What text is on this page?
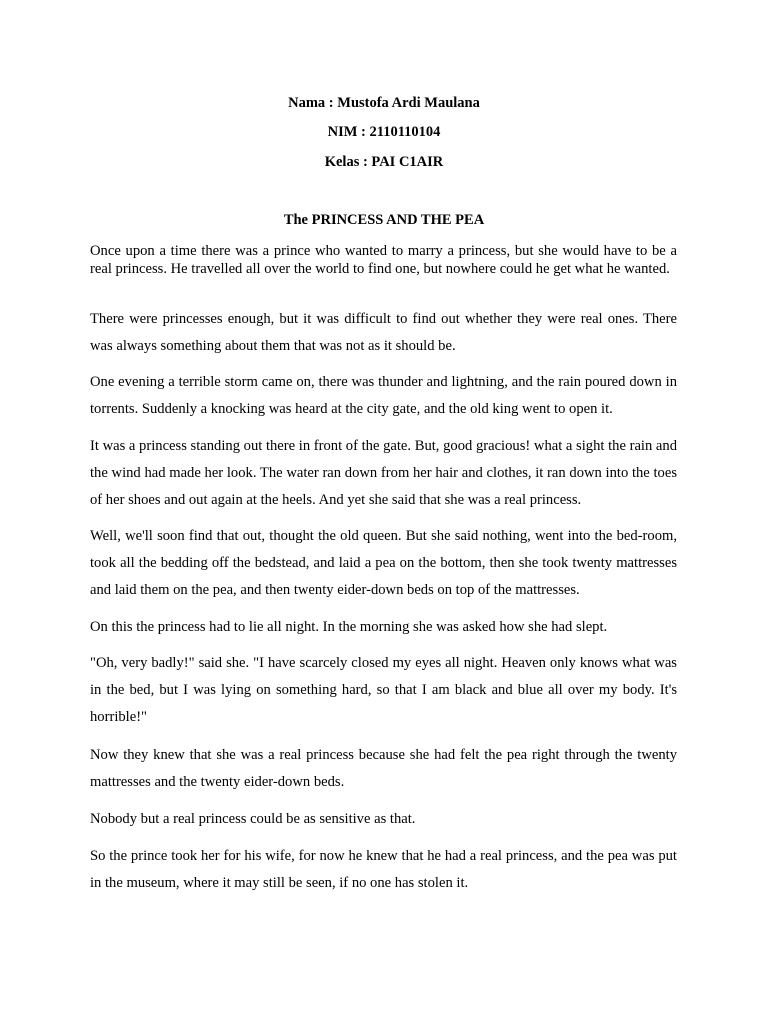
Nama : Mustofa Ardi Maulana
NIM : 2110110104
Kelas : PAI C1AIR
The PRINCESS AND THE PEA

Once upon a time there was a prince who wanted to marry a princess, but she would have to be a real princess. He travelled all over the world to find one, but nowhere could he get what he wanted.

There were princesses enough, but it was difficult to find out whether they were real ones. There was always something about them that was not as it should be.

One evening a terrible storm came on, there was thunder and lightning, and the rain poured down in torrents. Suddenly a knocking was heard at the city gate, and the old king went to open it.

It was a princess standing out there in front of the gate. But, good gracious! what a sight the rain and the wind had made her look. The water ran down from her hair and clothes, it ran down into the toes of her shoes and out again at the heels. And yet she said that she was a real princess.

Well, we'll soon find that out, thought the old queen. But she said nothing, went into the bed-room, took all the bedding off the bedstead, and laid a pea on the bottom, then she took twenty mattresses and laid them on the pea, and then twenty eider-down beds on top of the mattresses.

On this the princess had to lie all night. In the morning she was asked how she had slept.

"Oh, very badly!" said she. "I have scarcely closed my eyes all night. Heaven only knows what was in the bed, but I was lying on something hard, so that I am black and blue all over my body. It's horrible!"

Now they knew that she was a real princess because she had felt the pea right through the twenty mattresses and the twenty eider-down beds.

Nobody but a real princess could be as sensitive as that.

So the prince took her for his wife, for now he knew that he had a real princess, and the pea was put in the museum, where it may still be seen, if no one has stolen it.
